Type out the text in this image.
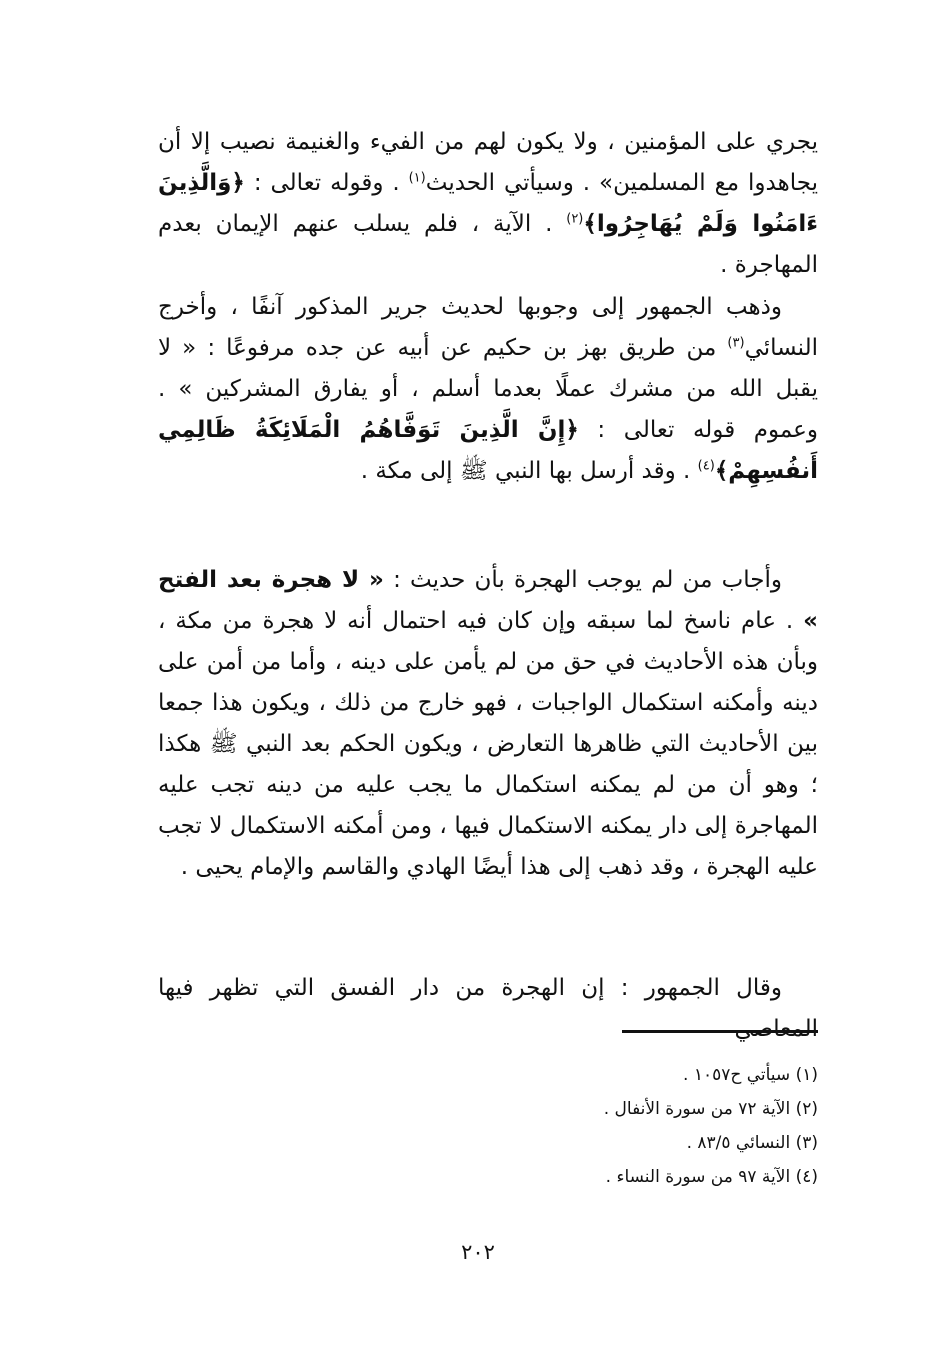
يجري على المؤمنين ، ولا يكون لهم من الفيء والغنيمة نصيب إلا أن يجاهدوا مع المسلمين» . وسيأتي الحديث$^{(١)}$ . وقوله تعالى : ﴿وَالَّذِينَ ءَامَنُوا وَلَمْ يُهَاجِرُوا﴾$^{(٢)}$ . الآية ، فلم يسلب عنهم الإيمان بعدم المهاجرة .

وذهب الجمهور إلى وجوبها لحديث جرير المذكور آنفًا ، وأخرج النسائي$^{(٣)}$ من طريق بهز بن حكيم عن أبيه عن جده مرفوعًا : « لا يقبل الله من مشرك عملًا بعدما أسلم ، أو يفارق المشركين » . وعموم قوله تعالى : ﴿إِنَّ الَّذِينَ تَوَفَّاهُمُ الْمَلَائِكَةُ ظَالِمِي أَنفُسِهِمْ﴾$^{(٤)}$ . وقد أرسل بها النبي ﷺ إلى مكة .

وأجاب من لم يوجب الهجرة بأن حديث : « لا هجرة بعد الفتح » . عام ناسخ لما سبقه وإن كان فيه احتمال أنه لا هجرة من مكة ، وبأن هذه الأحاديث في حق من لم يأمن على دينه ، وأما من أمن على دينه وأمكنه استكمال الواجبات ، فهو خارج من ذلك ، ويكون هذا جمعا بين الأحاديث التي ظاهرها التعارض ، ويكون الحكم بعد النبي ﷺ هكذا ؛ وهو أن من لم يمكنه استكمال ما يجب عليه من دينه تجب عليه المهاجرة إلى دار يمكنه الاستكمال فيها ، ومن أمكنه الاستكمال لا تجب عليه الهجرة ، وقد ذهب إلى هذا أيضًا الهادي والقاسم والإمام يحيى .

وقال الجمهور : إن الهجرة من دار الفسق التي تظهر فيها المعاصي

(١) سيأتي ح١٠٥٧ .
(٢) الآية ٧٢ من سورة الأنفال .
(٣) النسائي ٨٣/٥ .
(٤) الآية ٩٧ من سورة النساء .
٢٠٢
